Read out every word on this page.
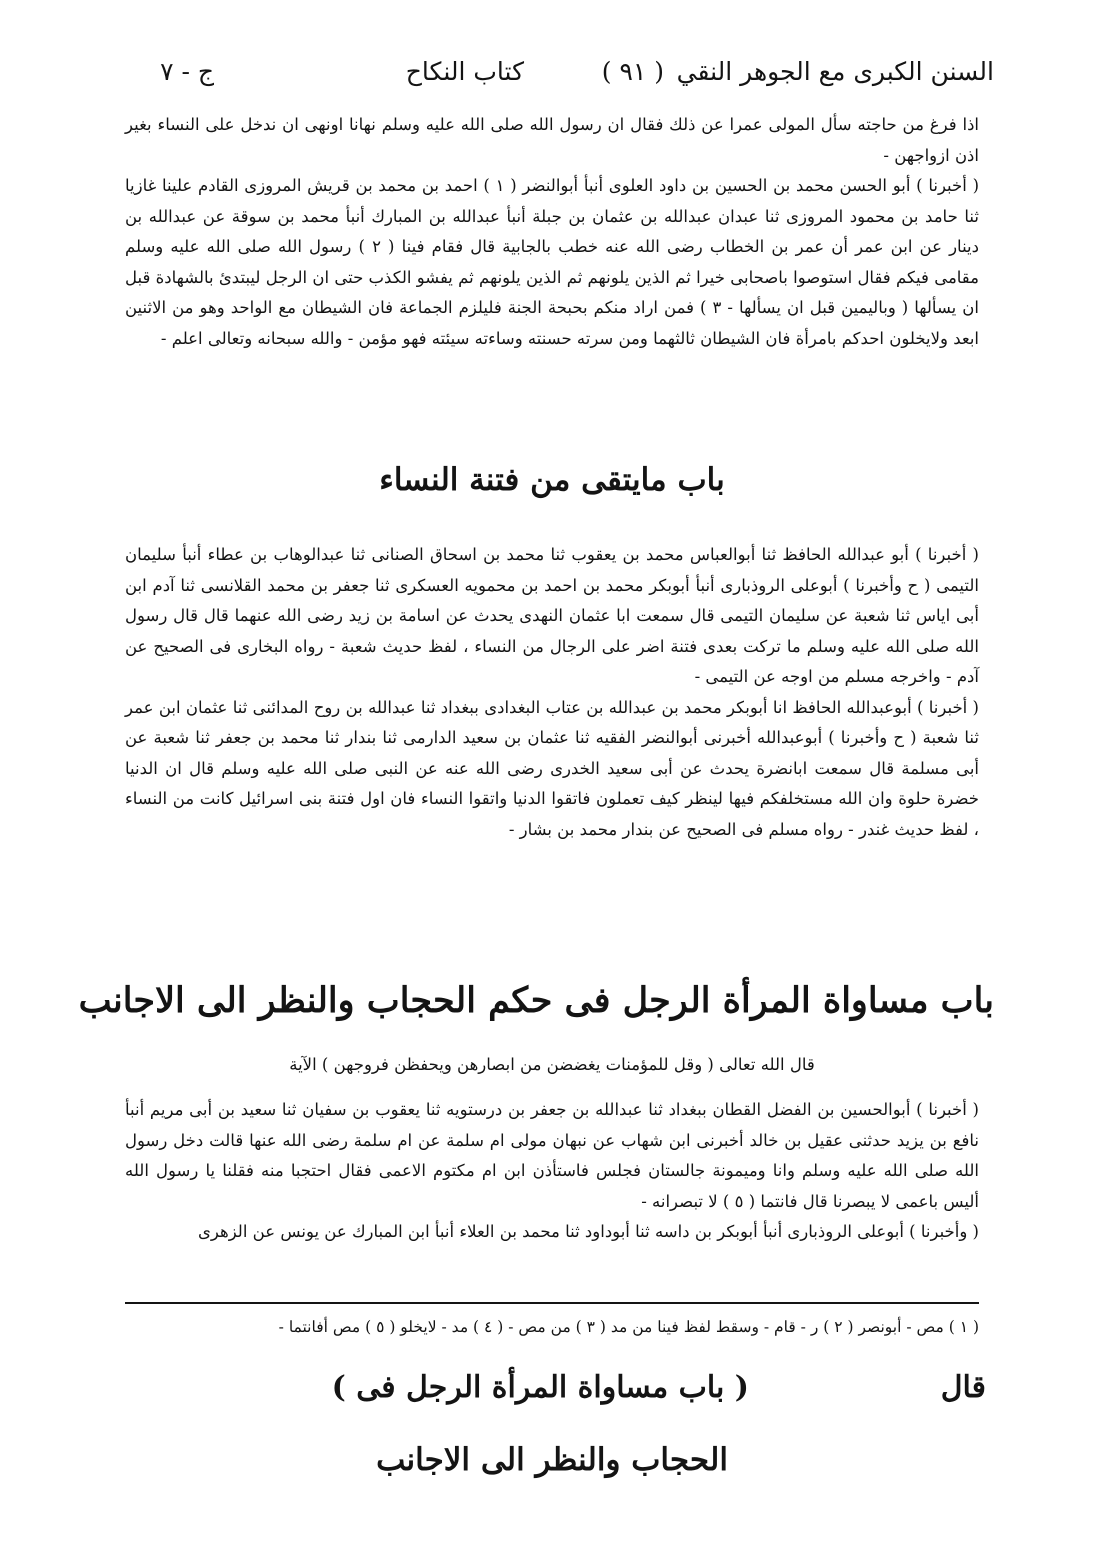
السنن الكبرى مع الجوهر النقي
( ٩١ )
كتاب النكاح
ج - ٧

اذا فرغ من حاجته سأل المولى عمرا عن ذلك فقال ان رسول الله صلى الله عليه وسلم نهانا اونهى ان ندخل على النساء بغير اذن ازواجهن -

( أخبرنا ) أبو الحسن محمد بن الحسين بن داود العلوى أنبأ أبوالنضر ( ١ ) احمد بن محمد بن قريش المروزى القادم علينا غازيا ثنا حامد بن محمود المروزى ثنا عبدان عبدالله بن عثمان بن جبلة أنبأ عبدالله بن المبارك أنبأ محمد بن سوقة عن عبدالله بن دينار عن ابن عمر أن عمر بن الخطاب رضى الله عنه خطب بالجابية قال فقام فينا ( ٢ ) رسول الله صلى الله عليه وسلم مقامى فيكم فقال استوصوا باصحابى خيرا ثم الذين يلونهم ثم الذين يلونهم ثم يفشو الكذب حتى ان الرجل ليبتدئ بالشهادة قبل ان يسألها ( وباليمين قبل ان يسألها - ٣ ) فمن اراد منكم بحبحة الجنة فليلزم الجماعة فان الشيطان مع الواحد وهو من الاثنين ابعد ولايخلون احدكم بامرأة فان الشيطان ثالثهما ومن سرته حسنته وساءته سيئته فهو مؤمن - والله سبحانه وتعالى اعلم -

باب مايتقى من فتنة النساء

( أخبرنا ) أبو عبدالله الحافظ ثنا أبوالعباس محمد بن يعقوب ثنا محمد بن اسحاق الصنانى ثنا عبدالوهاب بن عطاء أنبأ سليمان التيمى ( ح وأخبرنا ) أبوعلى الروذبارى أنبأ أبوبكر محمد بن احمد بن محمويه العسكرى ثنا جعفر بن محمد القلانسى ثنا آدم ابن أبى اياس ثنا شعبة عن سليمان التيمى قال سمعت ابا عثمان النهدى يحدث عن اسامة بن زيد رضى الله عنهما قال قال رسول الله صلى الله عليه وسلم ما تركت بعدى فتنة اضر على الرجال من النساء ، لفظ حديث شعبة - رواه البخارى فى الصحيح عن آدم - واخرجه مسلم من اوجه عن التيمى -

( أخبرنا ) أبوعبدالله الحافظ انا أبوبكر محمد بن عبدالله بن عتاب البغدادى ببغداد ثنا عبدالله بن روح المدائنى ثنا عثمان ابن عمر ثنا شعبة ( ح وأخبرنا ) أبوعبدالله أخبرنى أبوالنضر الفقيه ثنا عثمان بن سعيد الدارمى ثنا بندار ثنا محمد بن جعفر ثنا شعبة عن أبى مسلمة قال سمعت ابانضرة يحدث عن أبى سعيد الخدرى رضى الله عنه عن النبى صلى الله عليه وسلم قال ان الدنيا خضرة حلوة وان الله مستخلفكم فيها لينظر كيف تعملون فاتقوا الدنيا واتقوا النساء فان اول فتنة بنى اسرائيل كانت من النساء ، لفظ حديث غندر - رواه مسلم فى الصحيح عن بندار محمد بن بشار -

باب مساواة المرأة الرجل فى حكم الحجاب والنظر الى الاجانب
قال الله تعالى ( وقل للمؤمنات يغضضن من ابصارهن ويحفظن فروجهن ) الآية

( أخبرنا ) أبوالحسين بن الفضل القطان ببغداد ثنا عبدالله بن جعفر بن درستويه ثنا يعقوب بن سفيان ثنا سعيد بن أبى مريم أنبأ نافع بن يزيد حدثنى عقيل بن خالد أخبرنى ابن شهاب عن نبهان مولى ام سلمة عن ام سلمة رضى الله عنها قالت دخل رسول الله صلى الله عليه وسلم وانا وميمونة جالستان فجلس فاستأذن ابن ام مكتوم الاعمى فقال احتجبا منه فقلنا يا رسول الله أليس باعمى لا يبصرنا قال فانتما ( ٥ ) لا تبصرانه -

( وأخبرنا ) أبوعلى الروذبارى أنبأ أبوبكر بن داسه ثنا أبوداود ثنا محمد بن العلاء أنبأ ابن المبارك عن يونس عن الزهرى

( ١ ) مص - أبونصر ( ٢ ) ر - قام - وسقط لفظ فينا من مد ( ٣ ) من مص - ( ٤ ) مد - لايخلو ( ٥ ) مص أفانتما -
قال
( باب مساواة المرأة الرجل فى )
الحجاب والنظر الى الاجانب
